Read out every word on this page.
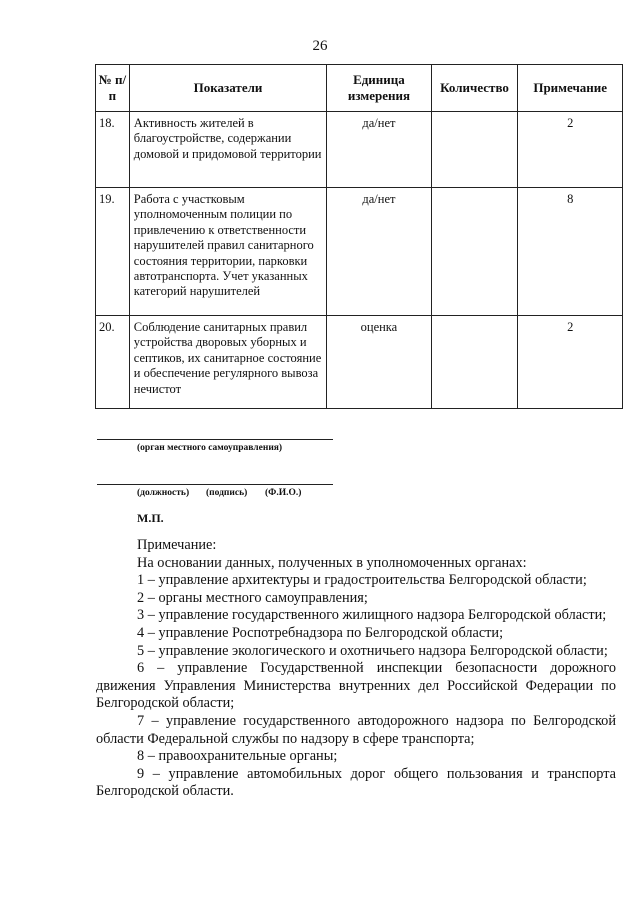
26
№ п/п	Показатели	Единица измерения	Количество	Примечание
18.	Активность жителей в благоустройстве, содержании домовой и придомовой территории	да/нет		2
19.	Работа с участковым уполномоченным полиции по привлечению к ответственности нарушителей правил санитарного состояния территории, парковки автотранспорта. Учет указанных категорий нарушителей	да/нет		8
20.	Соблюдение санитарных правил устройства дворовых уборных и септиков, их санитарное состояние и обеспечение регулярного вывоза нечистот	оценка		2
(орган местного самоуправления)
(должность) (подпись) (Ф.И.О.)
М.П.

Примечание:

На основании данных, полученных в уполномоченных органах:

1 – управление архитектуры и градостроительства Белгородской области;

2 – органы местного самоуправления;

3 – управление государственного жилищного надзора Белгородской области;

4 – управление Роспотребнадзора по Белгородской области;

5 – управление экологического и охотничьего надзора Белгородской области;

6 – управление Государственной инспекции безопасности дорожного движения Управления Министерства внутренних дел Российской Федерации по Белгородской области;

7 – управление государственного автодорожного надзора по Белгородской области Федеральной службы по надзору в сфере транспорта;

8 – правоохранительные органы;

9 – управление автомобильных дорог общего пользования и транспорта Белгородской области.
